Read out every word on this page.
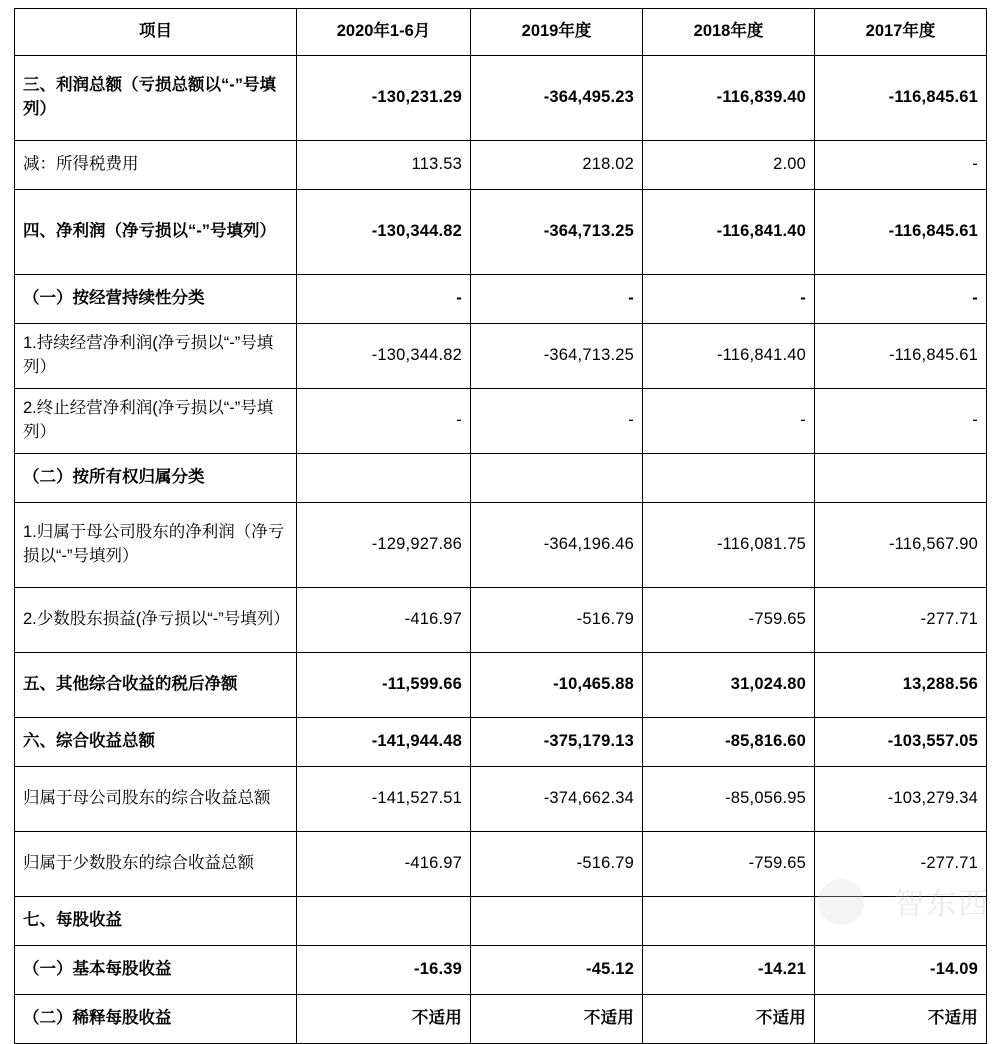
项目	2020年1-6月	2019年度	2018年度	2017年度
三、利润总额（亏损总额以“-”号填列）	-130,231.29	-364,495.23	-116,839.40	-116,845.61
减：所得税费用	113.53	218.02	2.00	-
四、净利润（净亏损以“-”号填列）	-130,344.82	-364,713.25	-116,841.40	-116,845.61
（一）按经营持续性分类	-	-	-	-
1.持续经营净利润(净亏损以“-”号填列）	-130,344.82	-364,713.25	-116,841.40	-116,845.61
2.终止经营净利润(净亏损以“-”号填列）	-	-	-	-
（二）按所有权归属分类				
1.归属于母公司股东的净利润（净亏损以“-”号填列）	-129,927.86	-364,196.46	-116,081.75	-116,567.90
2.少数股东损益(净亏损以“-”号填列）	-416.97	-516.79	-759.65	-277.71
五、其他综合收益的税后净额	-11,599.66	-10,465.88	31,024.80	13,288.56
六、综合收益总额	-141,944.48	-375,179.13	-85,816.60	-103,557.05
归属于母公司股东的综合收益总额	-141,527.51	-374,662.34	-85,056.95	-103,279.34
归属于少数股东的综合收益总额	-416.97	-516.79	-759.65	-277.71
七、每股收益				
（一）基本每股收益	-16.39	-45.12	-14.21	-14.09
（二）稀释每股收益	不适用	不适用	不适用	不适用
智东西
